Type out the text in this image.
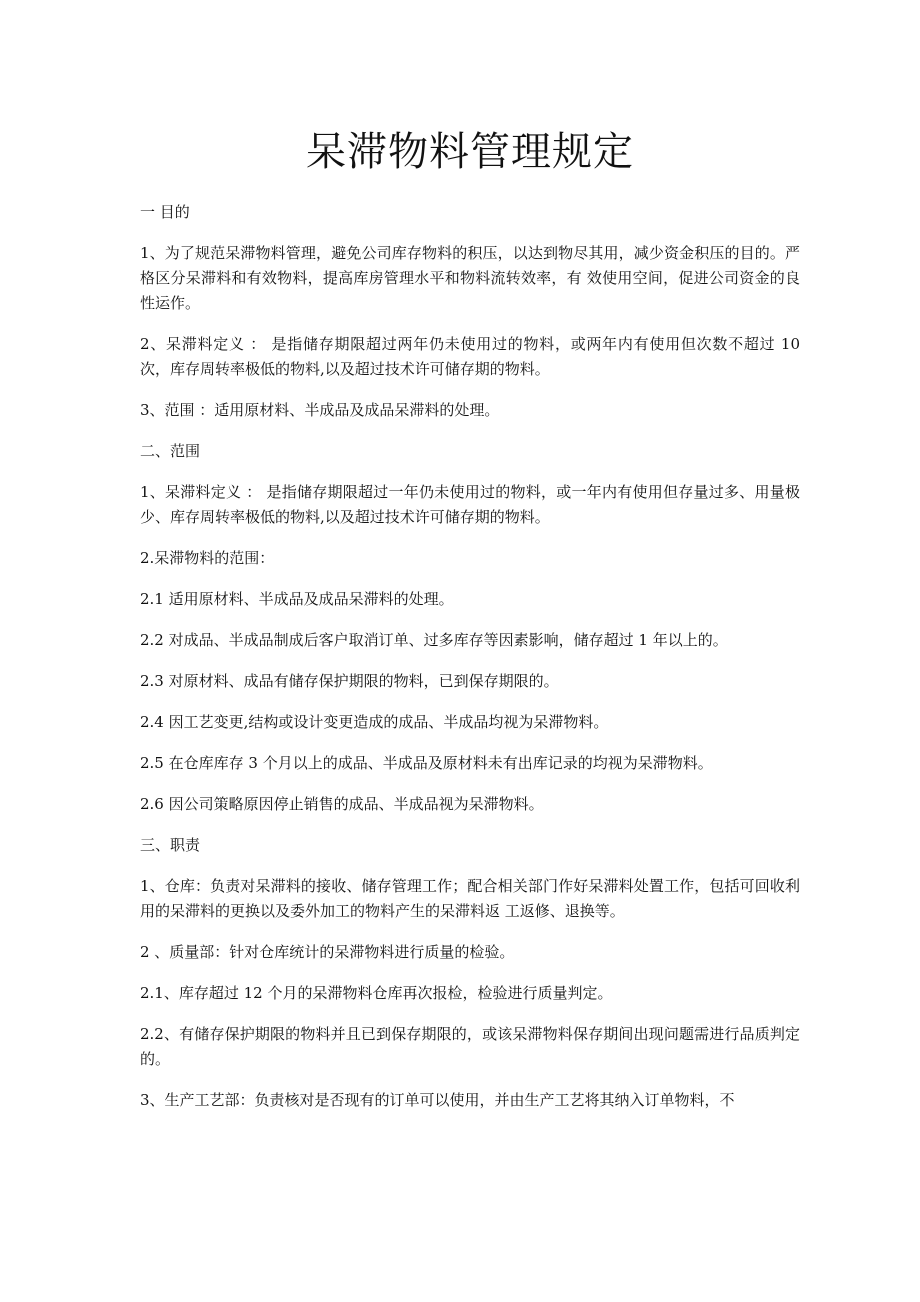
呆滞物料管理规定
一 目的

1、为了规范呆滞物料管理，避免公司库存物料的积压，以达到物尽其用，减少资金积压的目的。严格区分呆滞料和有效物料，提高库房管理水平和物料流转效率，有 效使用空间，促进公司资金的良性运作。

2、呆滞料定义 ： 是指储存期限超过两年仍未使用过的物料，或两年内有使用但次数不超过 10 次，库存周转率极低的物料,以及超过技术许可储存期的物料。

3、范围 ：适用原材料、半成品及成品呆滞料的处理。

二、范围

1、呆滞料定义 ： 是指储存期限超过一年仍未使用过的物料，或一年内有使用但存量过多、用量极少、库存周转率极低的物料,以及超过技术许可储存期的物料。

2.呆滞物料的范围：

2.1 适用原材料、半成品及成品呆滞料的处理。

2.2 对成品、半成品制成后客户取消订单、过多库存等因素影响，储存超过 1 年以上的。

2.3 对原材料、成品有储存保护期限的物料，已到保存期限的。

2.4 因工艺变更,结构或设计变更造成的成品、半成品均视为呆滞物料。

2.5 在仓库库存 3 个月以上的成品、半成品及原材料未有出库记录的均视为呆滞物料。

2.6 因公司策略原因停止销售的成品、半成品视为呆滞物料。

三、职责

1、仓库：负责对呆滞料的接收、储存管理工作；配合相关部门作好呆滞料处置工作，包括可回收利用的呆滞料的更换以及委外加工的物料产生的呆滞料返 工返修、退换等。

2 、质量部：针对仓库统计的呆滞物料进行质量的检验。

2.1、库存超过 12 个月的呆滞物料仓库再次报检，检验进行质量判定。

2.2、有储存保护期限的物料并且已到保存期限的，或该呆滞物料保存期间出现问题需进行品质判定的。

3、生产工艺部：负责核对是否现有的订单可以使用，并由生产工艺将其纳入订单物料，不
